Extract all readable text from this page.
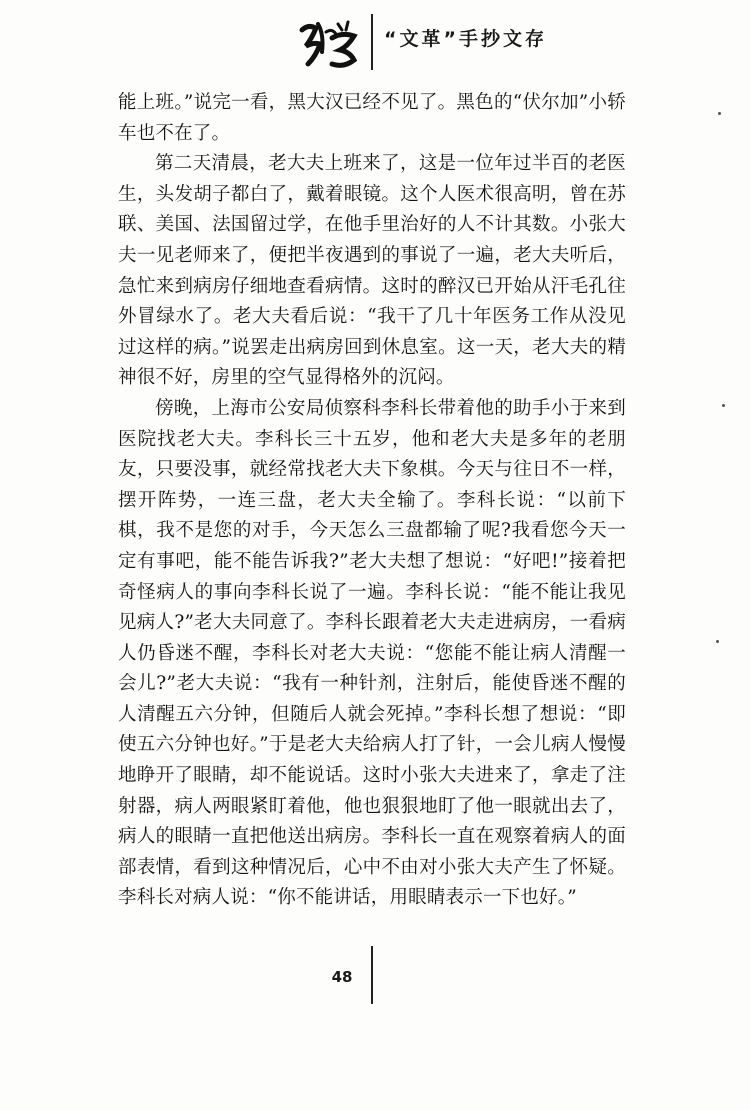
“文革”手抄文存

能上班。”说完一看，黑大汉已经不见了。黑色的“伏尔加”小轿车也不在了。

第二天清晨，老大夫上班来了，这是一位年过半百的老医生，头发胡子都白了，戴着眼镜。这个人医术很高明，曾在苏联、美国、法国留过学，在他手里治好的人不计其数。小张大夫一见老师来了，便把半夜遇到的事说了一遍，老大夫听后，急忙来到病房仔细地查看病情。这时的醉汉已开始从汗毛孔往外冒绿水了。老大夫看后说：“我干了几十年医务工作从没见过这样的病。”说罢走出病房回到休息室。这一天，老大夫的精神很不好，房里的空气显得格外的沉闷。

傍晚，上海市公安局侦察科李科长带着他的助手小于来到医院找老大夫。李科长三十五岁，他和老大夫是多年的老朋友，只要没事，就经常找老大夫下象棋。今天与往日不一样，摆开阵势，一连三盘，老大夫全输了。李科长说：“以前下棋，我不是您的对手，今天怎么三盘都输了呢?我看您今天一定有事吧，能不能告诉我?”老大夫想了想说：“好吧!”接着把奇怪病人的事向李科长说了一遍。李科长说：“能不能让我见见病人?”老大夫同意了。李科长跟着老大夫走进病房，一看病人仍昏迷不醒，李科长对老大夫说：“您能不能让病人清醒一会儿?”老大夫说：“我有一种针剂，注射后，能使昏迷不醒的人清醒五六分钟，但随后人就会死掉。”李科长想了想说：“即使五六分钟也好。”于是老大夫给病人打了针，一会儿病人慢慢地睁开了眼睛，却不能说话。这时小张大夫进来了，拿走了注射器，病人两眼紧盯着他，他也狠狠地盯了他一眼就出去了，病人的眼睛一直把他送出病房。李科长一直在观察着病人的面部表情，看到这种情况后，心中不由对小张大夫产生了怀疑。李科长对病人说：“你不能讲话，用眼睛表示一下也好。”

48
